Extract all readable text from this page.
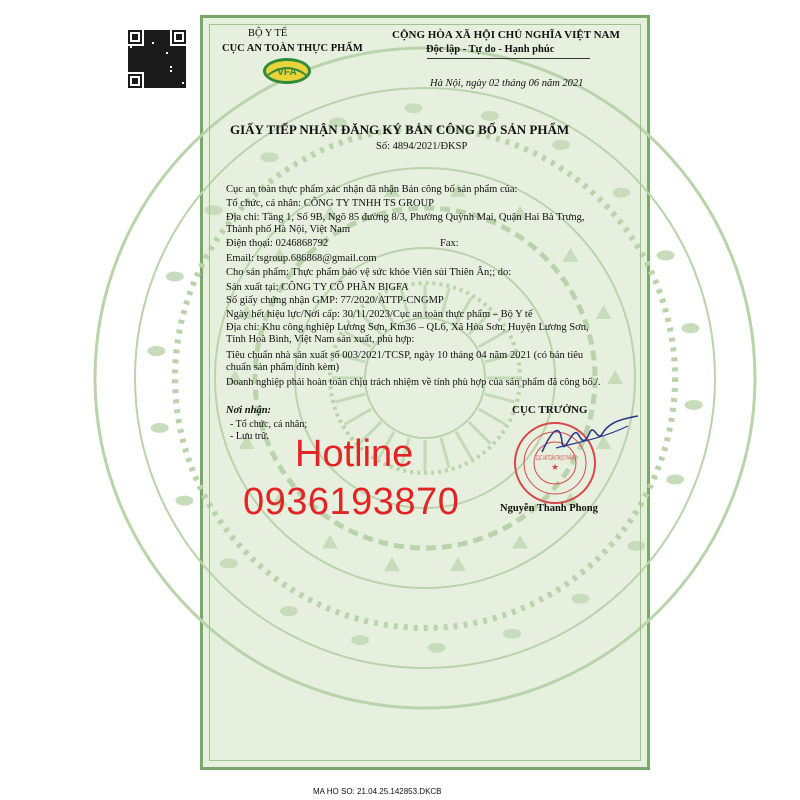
BỘ Y TẾ
CỤC AN TOÀN THỰC PHẨM
VFA
CỘNG HÒA XÃ HỘI CHỦ NGHĨA VIỆT NAM
Độc lập - Tự do - Hạnh phúc
Hà Nội, ngày 02 tháng 06 năm 2021
GIẤY TIẾP NHẬN ĐĂNG KÝ BẢN CÔNG BỐ SẢN PHẨM
Số: 4894/2021/ĐKSP
Cục an toàn thực phẩm xác nhận đã nhận Bản công bố sản phẩm của:
Tổ chức, cá nhân: CÔNG TY TNHH TS GROUP
Địa chỉ: Tầng 1, Số 9B, Ngõ 85 đường 8/3, Phường Quỳnh Mai, Quận Hai Bà Trưng,
Thành phố Hà Nội, Việt Nam
Điện thoại: 0246868792	Fax:
Email: tsgroup.686868@gmail.com
Cho sản phẩm: Thực phẩm bảo vệ sức khỏe Viên sủi Thiên Ân;; do:
Sản xuất tại: CÔNG TY CỔ PHẦN BIGFA
Số giấy chứng nhận GMP: 77/2020/ATTP-CNGMP
Ngày hết hiệu lực/Nơi cấp: 30/11/2023/Cục an toàn thực phẩm – Bộ Y tế
Địa chỉ: Khu công nghiệp Lương Sơn, Km36 – QL6, Xã Hòa Sơn, Huyện Lương Sơn,
Tỉnh Hoà Bình, Việt Nam sản xuất, phù hợp:
Tiêu chuẩn nhà sản xuất số 003/2021/TCSP, ngày 10 tháng 04 năm 2021 (có bản tiêu
chuẩn sản phẩm đính kèm)
Doanh nghiệp phải hoàn toàn chịu trách nhiệm về tính phù hợp của sản phẩm đã công bố./.
Nơi nhận:
- Tổ chức, cá nhân;
- Lưu trữ.
CỤC TRƯỞNG
CỤC AN TOÀN THỰC PHẨM
★
Nguyễn Thanh Phong
Hotline
0936193870
MA HO SO: 21.04.25.142853.DKCB
